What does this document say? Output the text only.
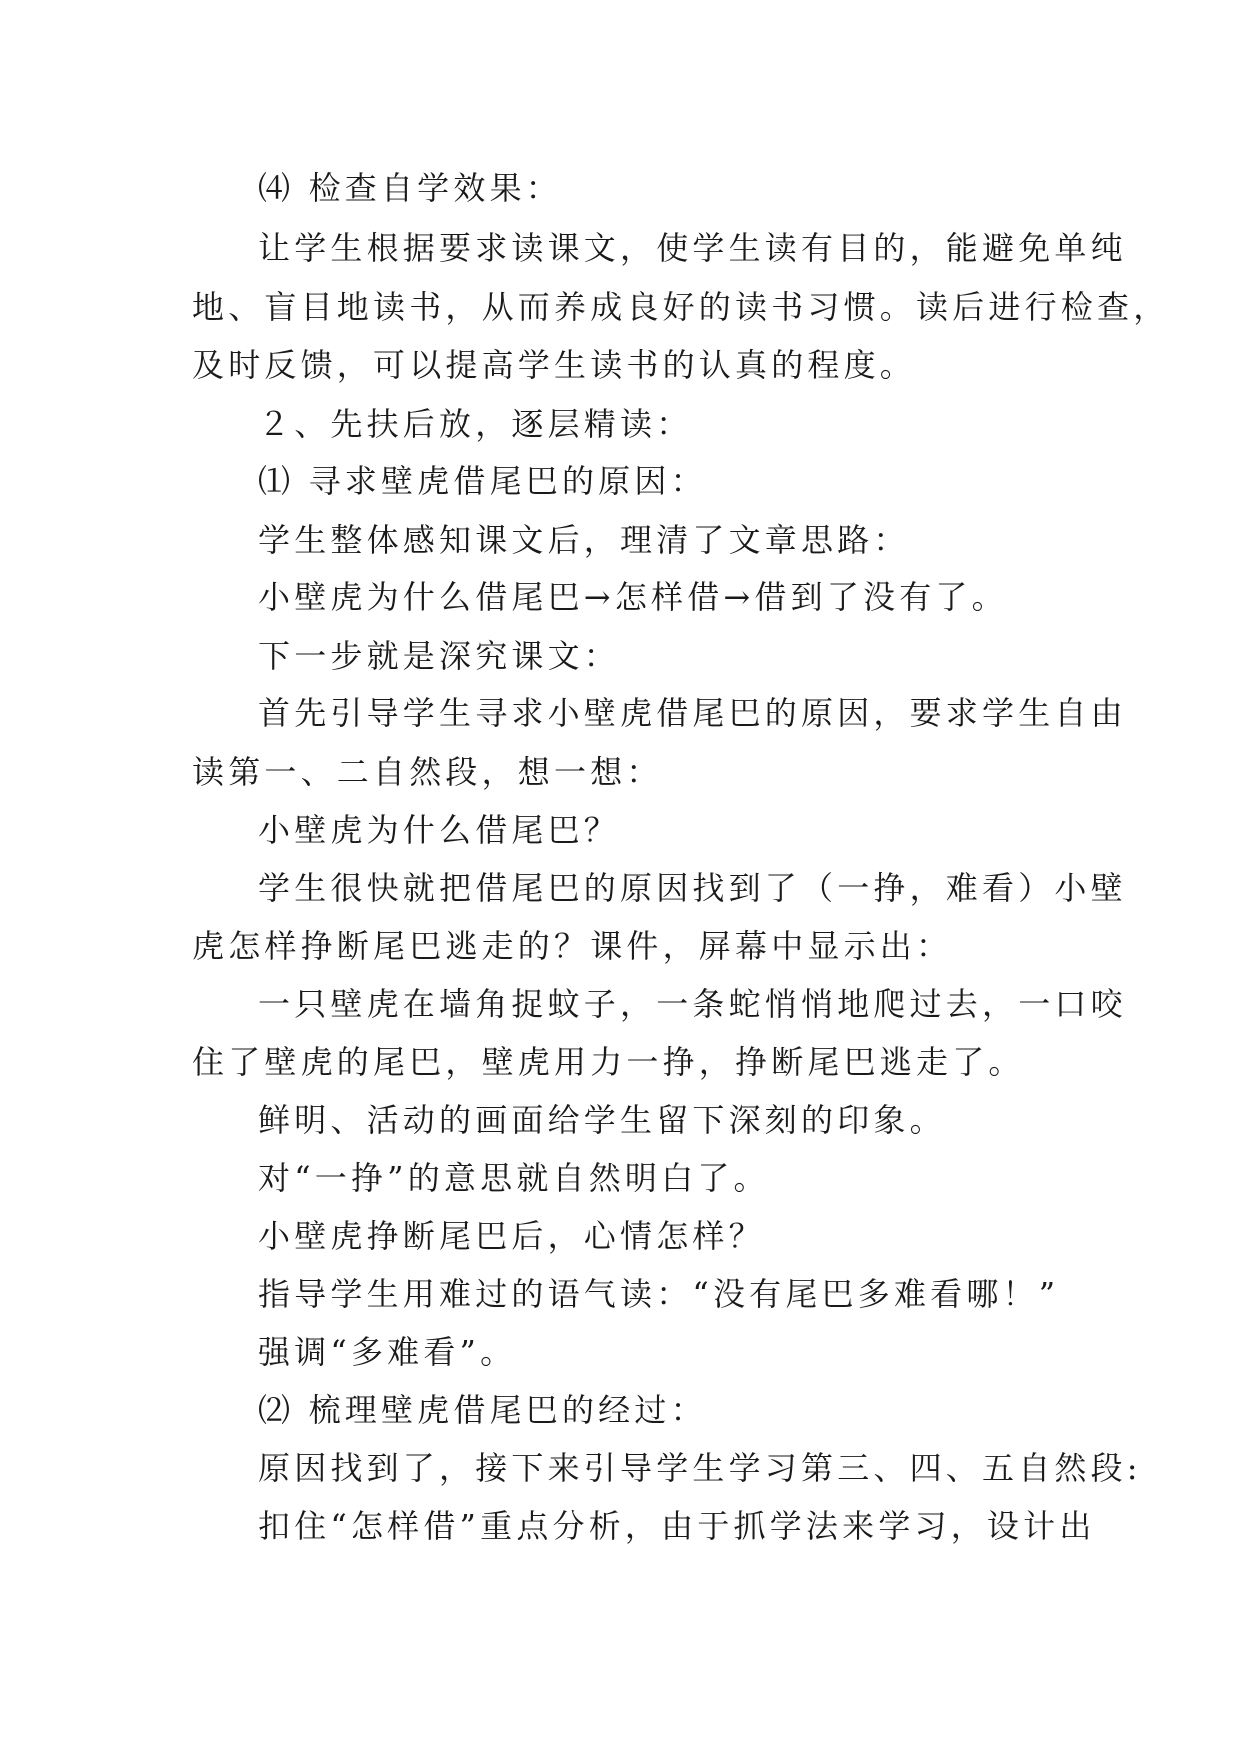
⑷ 检查自学效果：
让学生根据要求读课文，使学生读有目的，能避免单纯
地、盲目地读书，从而养成良好的读书习惯。读后进行检查，
及时反馈，可以提高学生读书的认真的程度。
２、先扶后放，逐层精读：
⑴ 寻求壁虎借尾巴的原因：
学生整体感知课文后，理清了文章思路：
小壁虎为什么借尾巴→怎样借→借到了没有了。
下一步就是深究课文：
首先引导学生寻求小壁虎借尾巴的原因，要求学生自由
读第一、二自然段，想一想：
小壁虎为什么借尾巴？
学生很快就把借尾巴的原因找到了（一挣，难看）小壁
虎怎样挣断尾巴逃走的？课件，屏幕中显示出：
一只壁虎在墙角捉蚊子，一条蛇悄悄地爬过去，一口咬
住了壁虎的尾巴，壁虎用力一挣，挣断尾巴逃走了。
鲜明、活动的画面给学生留下深刻的印象。
对“一挣”的意思就自然明白了。
小壁虎挣断尾巴后，心情怎样？
指导学生用难过的语气读：“没有尾巴多难看哪！”
强调“多难看”。
⑵ 梳理壁虎借尾巴的经过：
原因找到了，接下来引导学生学习第三、四、五自然段:
扣住“怎样借”重点分析，由于抓学法来学习，设计出
